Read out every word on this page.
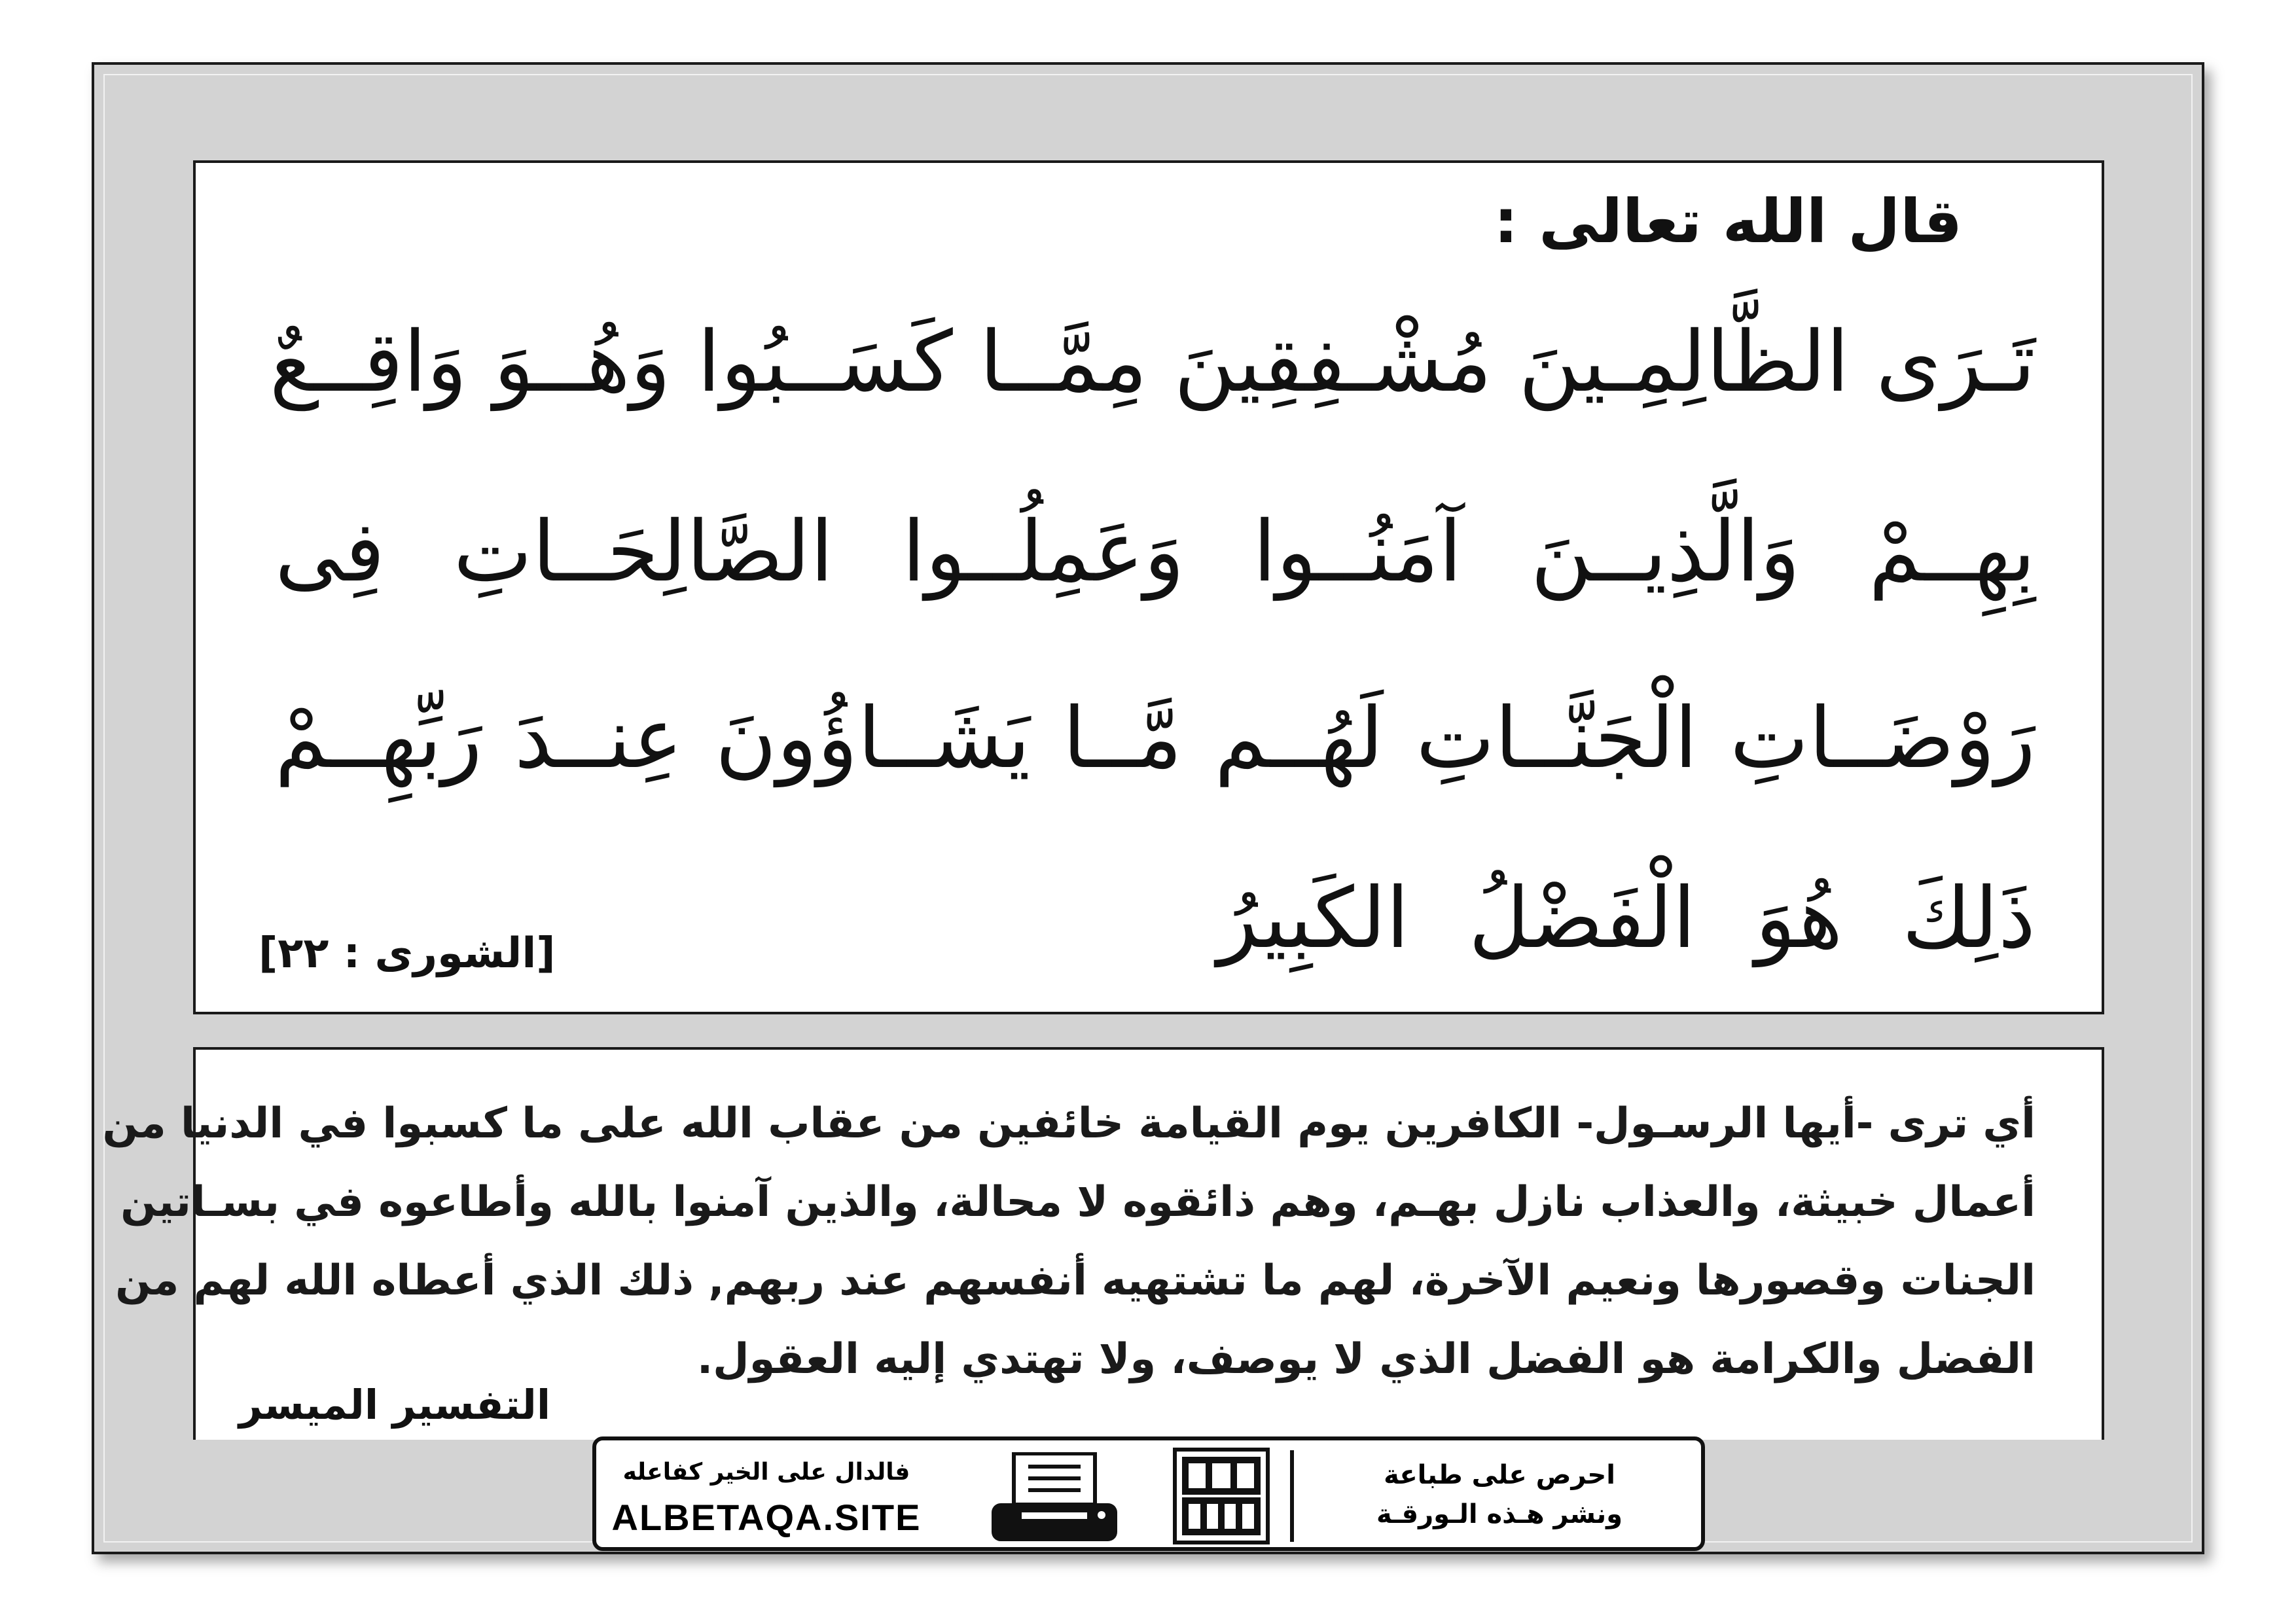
قال الله تعالى :
تَـرَى الظَّالِمِـينَ مُشْـفِقِينَ مِمَّــا كَسَــبُوا وَهُــوَ وَاقِــعٌ
بِهِــمْ وَالَّذِيــنَ آمَنُــوا وَعَمِلُــوا الصَّالِحَــاتِ فِى
رَوْضَــاتِ الْجَنَّــاتِ لَهُــم مَّــا يَشَــاؤُونَ عِنــدَ رَبِّهِــمْ
ذَلِكَ هُوَ الْفَضْلُ الكَبِيرُ
[الشورى : ٢٢]
أي ترى -أيها الرسـول- الكافرين يوم القيامة خائفين من عقاب الله على ما كسبوا في الدنيا من
أعمال خبيثة، والعذاب نازل بهـم، وهم ذائقوه لا محالة، والذين آمنوا بالله وأطاعوه في بسـاتين
الجنات وقصورها ونعيم الآخرة، لهم ما تشتهيه أنفسهم عند ربهم, ذلك الذي أعطاه الله لهم من
الفضل والكرامة هو الفضل الذي لا يوصف، ولا تهتدي إليه العقول.
التفسير الميسر
فالدال على الخير كفاعله
ALBETAQA.SITE
احرص على طباعة
ونشر هـذه الـورقـة
